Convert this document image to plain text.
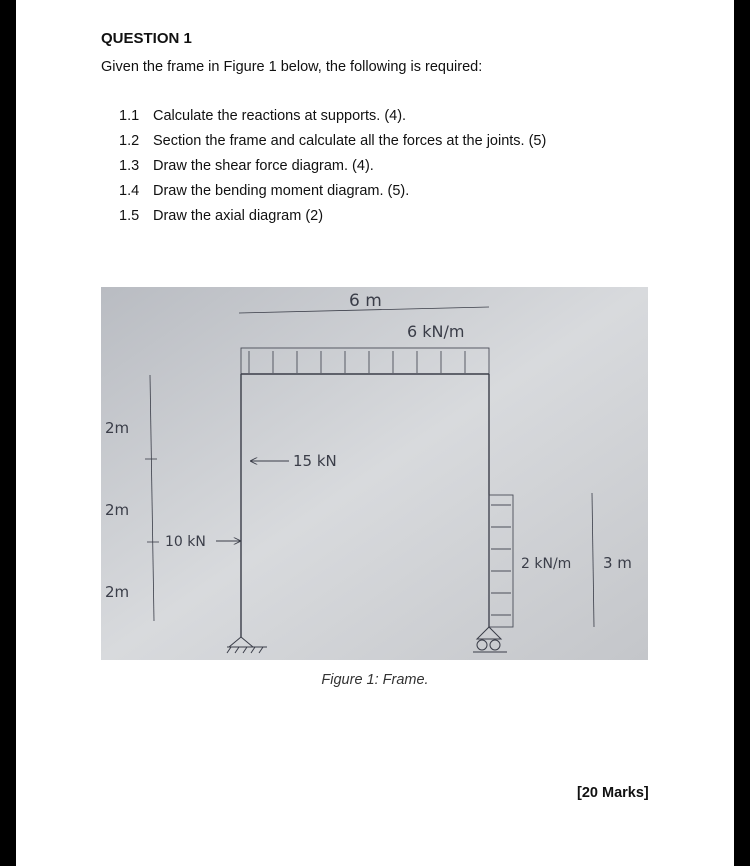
QUESTION 1
Given the frame in Figure 1 below, the following is required:
1.1 Calculate the reactions at supports. (4).
1.2 Section the frame and calculate all the forces at the joints. (5)
1.3 Draw the shear force diagram. (4).
1.4 Draw the bending moment diagram. (5).
1.5 Draw the axial diagram (2)
6 m
6 kN/m
2m
2m
2m
15 kN
10 kN
2 kN/m 3 m
Figure 1: Frame.
[20 Marks]
